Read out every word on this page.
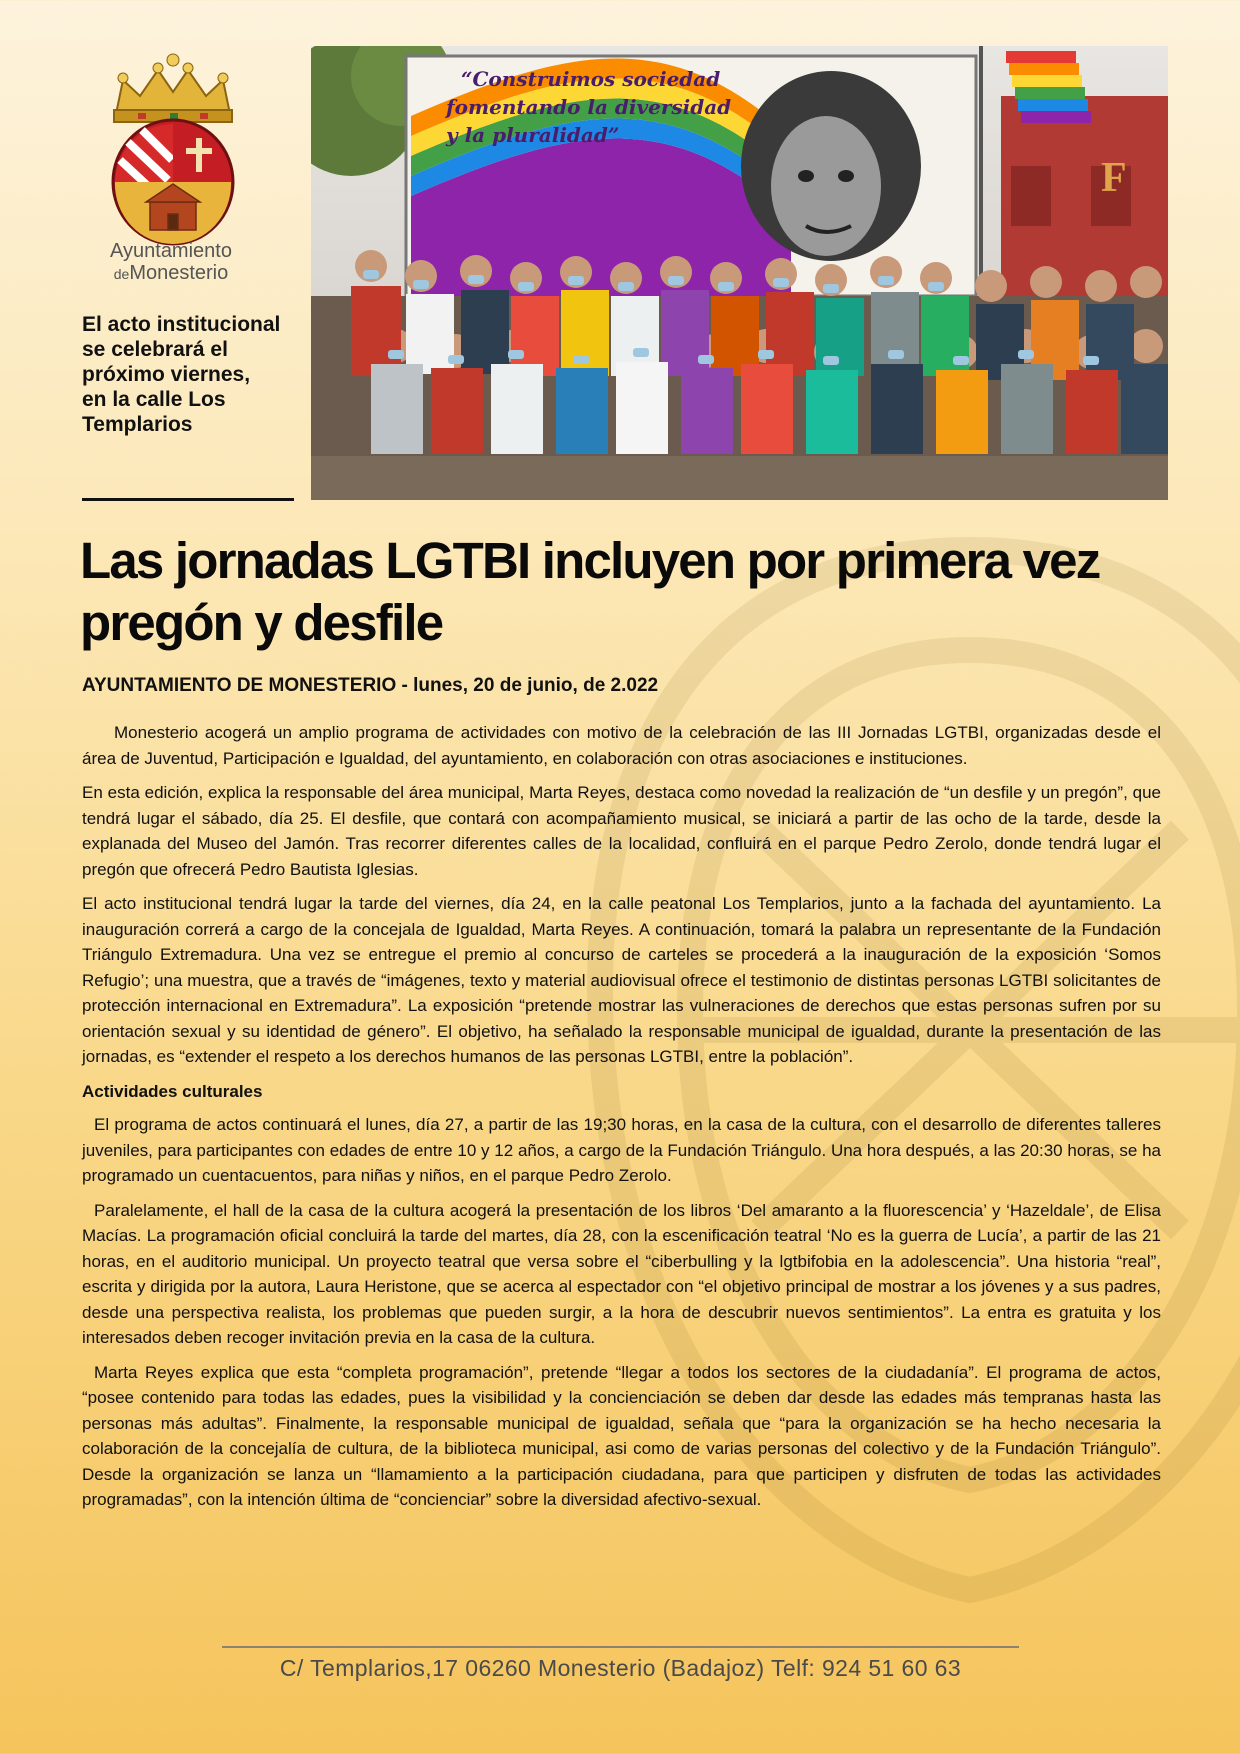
Ayuntamiento
deMonesterio

El acto institucional
se celebrará el
próximo viernes,
en la calle Los
Templarios

F
“Construimos sociedad
fomentando la diversidad
y la pluralidad”
Las jornadas LGTBI incluyen por primera vez pregón y desfile

AYUNTAMIENTO DE MONESTERIO - lunes, 20 de junio, de 2.022

Monesterio acogerá un amplio programa de actividades con motivo de la celebración de las III Jornadas LGTBI, organizadas desde el área de Juventud, Participación e Igualdad, del ayuntamiento, en colaboración con otras asociaciones e instituciones.

En esta edición, explica la responsable del área municipal, Marta Reyes, destaca como novedad la realización de “un desfile y un pregón”, que tendrá lugar el sábado, día 25. El desfile, que contará con acompañamiento musical, se iniciará a partir de las ocho de la tarde, desde la explanada del Museo del Jamón. Tras recorrer diferentes calles de la localidad, confluirá en el parque Pedro Zerolo, donde tendrá lugar el pregón que ofrecerá Pedro Bautista Iglesias.

El acto institucional tendrá lugar la tarde del viernes, día 24, en la calle peatonal Los Templarios, junto a la fachada del ayuntamiento. La inauguración correrá a cargo de la concejala de Igualdad, Marta Reyes. A continuación, tomará la palabra un representante de la Fundación Triángulo Extremadura. Una vez se entregue el premio al concurso de carteles se procederá a la inauguración de la exposición ‘Somos Refugio’; una muestra, que a través de “imágenes, texto y material audiovisual ofrece el testimonio de distintas personas LGTBI solicitantes de protección internacional en Extremadura”. La exposición “pretende mostrar las vulneraciones de derechos que estas personas sufren por su orientación sexual y su identidad de género”. El objetivo, ha señalado la responsable municipal de igualdad, durante la presentación de las jornadas, es “extender el respeto a los derechos humanos de las personas LGTBI, entre la población”.

Actividades culturales

El programa de actos continuará el lunes, día 27, a partir de las 19;30 horas, en la casa de la cultura, con el desarrollo de diferentes talleres juveniles, para participantes con edades de entre 10 y 12 años, a cargo de la Fundación Triángulo. Una hora después, a las 20:30 horas, se ha programado un cuentacuentos, para niñas y niños, en el parque Pedro Zerolo.

Paralelamente, el hall de la casa de la cultura acogerá la presentación de los libros ‘Del amaranto a la fluorescencia’ y ‘Hazeldale’, de Elisa Macías. La programación oficial concluirá la tarde del martes, día 28, con la escenificación teatral ‘No es la guerra de Lucía’, a partir de las 21 horas, en el auditorio municipal. Un proyecto teatral que versa sobre el “ciberbulling y la lgtbifobia en la adolescencia”. Una historia “real”, escrita y dirigida por la autora, Laura Heristone, que se acerca al espectador con “el objetivo principal de mostrar a los jóvenes y a sus padres, desde una perspectiva realista, los problemas que pueden surgir, a la hora de descubrir nuevos sentimientos”. La entra es gratuita y los interesados deben recoger invitación previa en la casa de la cultura.

Marta Reyes explica que esta “completa programación”, pretende “llegar a todos los sectores de la ciudadanía”. El programa de actos, “posee contenido para todas las edades, pues la visibilidad y la concienciación se deben dar desde las edades más tempranas hasta las personas más adultas”. Finalmente, la responsable municipal de igualdad, señala que “para la organización se ha hecho necesaria la colaboración de la concejalía de cultura, de la biblioteca municipal, asi como de varias personas del colectivo y de la Fundación Triángulo”. Desde la organización se lanza un “llamamiento a la participación ciudadana, para que participen y disfruten de todas las actividades programadas”, con la intención última de “concienciar” sobre la diversidad afectivo-sexual.

C/ Templarios,17 06260 Monesterio (Badajoz) Telf: 924 51 60 63
